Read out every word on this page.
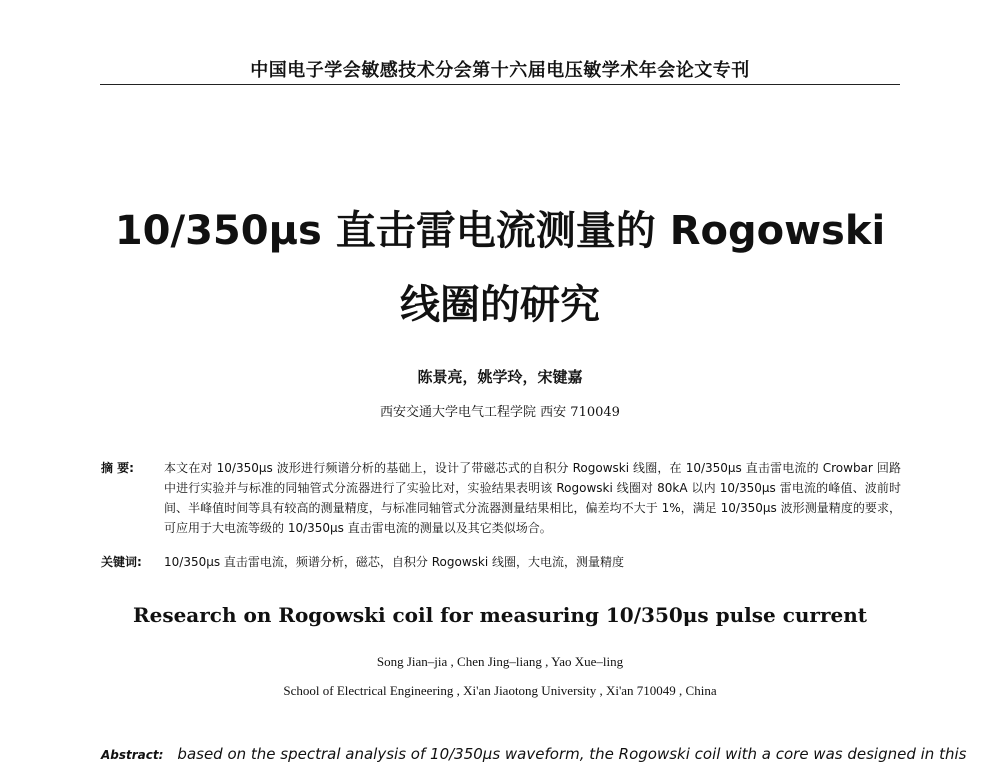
中国电子学会敏感技术分会第十六届电压敏学术年会论文专刊
10/350μs 直击雷电流测量的 Rogowski
线圈的研究
陈景亮，姚学玲，宋键嘉
西安交通大学电气工程学院 西安 710049
摘 要:	本文在对 10/350μs 波形进行频谱分析的基础上，设计了带磁芯式的自积分 Rogowski 线圈，在 10/350μs 直击雷电流的 Crowbar 回路中进行实验并与标准的同轴管式分流器进行了实验比对，实验结果表明该 Rogowski 线圈对 80kA 以内 10/350μs 雷电流的峰值、波前时间、半峰值时间等具有较高的测量精度，与标准同轴管式分流器测量结果相比，偏差均不大于 1%，满足 10/350μs 波形测量精度的要求，可应用于大电流等级的 10/350μs 直击雷电流的测量以及其它类似场合。
关键词:	10/350μs 直击雷电流，频谱分析，磁芯，自积分 Rogowski 线圈，大电流，测量精度
Research on Rogowski coil for measuring 10/350μs pulse current
Song Jian–jia , Chen Jing–liang , Yao Xue–ling
School of Electrical Engineering , Xi'an Jiaotong University , Xi'an 710049 , China
Abstract: based on the spectral analysis of 10/350μs waveform, the Rogowski coil with a core was designed in this
